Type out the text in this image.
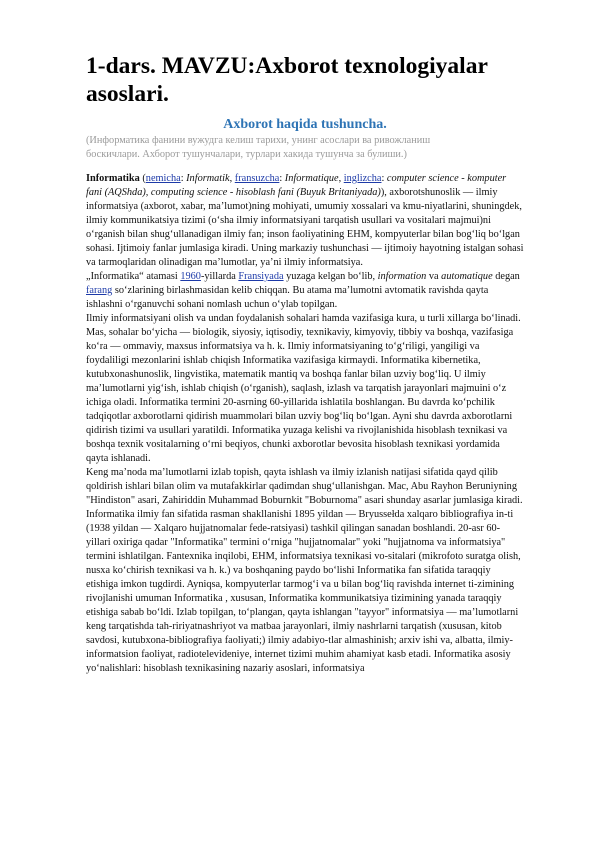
1-dars. MAVZU:Axborot texnologiyalar asoslari.
Axborot haqida tushuncha.
(Информатика фанини вужудга келиш тарихи, унинг асослари ва ривожланиш
боскичлари. Ахборот тушунчалари, турлари хакида тушунча за булиши.)

Informatika (nemicha: Informatik, fransuzcha: Informatique, inglizcha: computer science - komputer fani (AQShda), computing science - hisoblash fani (Buyuk Britaniyada)), axborotshunoslik — ilmiy informatsiya (axborot, xabar, ma’lumot)ning mohiyati, umumiy xossalari va kmu-niyatlarini, shuningdek, ilmiy kommunikatsiya tizimi (o‘sha ilmiy informatsiyani tarqatish usullari va vositalari majmui)ni o‘rganish bilan shug‘ullanadigan ilmiy fan; inson faoliyatining EHM, kompyuterlar bilan bog‘liq bo‘lgan sohasi. Ijtimoiy fanlar jumlasiga kiradi. Uning markaziy tushunchasi — ijtimoiy hayotning istalgan sohasi va tarmoqlaridan olinadigan ma’lumotlar, ya’ni ilmiy informatsiya.

„Informatika“ atamasi 1960-yillarda Fransiyada yuzaga kelgan bo‘lib, information va automatique degan farang so‘zlarining birlashmasidan kelib chiqqan. Bu atama ma’lumotni avtomatik ravishda qayta ishlashni o‘rganuvchi sohani nomlash uchun o‘ylab topilgan.

Ilmiy informatsiyani olish va undan foydalanish sohalari hamda vazifasiga kura, u turli xillarga bo‘linadi. Mas, sohalar bo‘yicha — biologik, siyosiy, iqtisodiy, texnikaviy, kimyoviy, tibbiy va boshqa, vazifasiga ko‘ra — ommaviy, maxsus informatsiya va h. k. Ilmiy informatsiyaning to‘g‘riligi, yangiligi va foydaliligi mezonlarini ishlab chiqish Informatika vazifasiga kirmaydi. Informatika kibernetika, kutubxonashunoslik, lingvistika, matematik mantiq va boshqa fanlar bilan uzviy bog‘liq. U ilmiy ma’lumotlarni yig‘ish, ishlab chiqish (o‘rganish), saqlash, izlash va tarqatish jarayonlari majmuini o‘z ichiga oladi. Informatika termini 20-asrning 60-yillarida ishlatila boshlangan. Bu davrda ko‘pchilik tadqiqotlar axborotlarni qidirish muammolari bilan uzviy bog‘liq bo‘lgan. Ayni shu davrda axborotlarni qidirish tizimi va usullari yaratildi. Informatika yuzaga kelishi va rivojlanishida hisoblash texnikasi va boshqa texnik vositalarning o‘rni beqiyos, chunki axborotlar bevosita hisoblash texnikasi yordamida qayta ishlanadi.

Keng ma’noda ma’lumotlarni izlab topish, qayta ishlash va ilmiy izlanish natijasi sifatida qayd qilib qoldirish ishlari bilan olim va mutafakkirlar qadimdan shug‘ullanishgan. Mac, Abu Rayhon Beruniyning "Hindiston" asari, Zahiriddin Muhammad Boburnkit "Boburnoma" asari shunday asarlar jumlasiga kiradi. Informatika ilmiy fan sifatida rasman shakllanishi 1895 yildan — Bryussełda xalqaro bibliografiya in-ti (1938 yildan — Xalqaro hujjatnomalar fede-ratsiyasi) tashkil qilingan sanadan boshlandi. 20-asr 60-yillari oxiriga qadar "Informatika" termini o‘rniga "hujjatnomalar" yoki "hujjatnoma va informatsiya" termini ishlatilgan. Fantexnika inqilobi, EHM, informatsiya texnikasi vo-sitalari (mikrofoto suratga olish, nusxa ko‘chirish texnikasi va h. k.) va boshqaning paydo bo‘lishi Informatika fan sifatida taraqqiy etishiga imkon tugdirdi. Ayniqsa, kompyuterlar tarmog‘i va u bilan bog‘liq ravishda internet ti-zimining rivojlanishi umuman Informatika , xususan, Informatika kommunikatsiya tizimining yanada taraqqiy etishiga sabab bo‘ldi. Izlab topilgan, to‘plangan, qayta ishlangan "tayyor" informatsiya — ma’lumotlarni keng tarqatishda tah-ririyatnashriyot va matbaa jarayonlari, ilmiy nashrlarni tarqatish (xususan, kitob savdosi, kutubxona-bibliografiya faoliyati;) ilmiy adabiyo-tlar almashinish; arxiv ishi va, albatta, ilmiy-informatsion faoliyat, radiotelevideniye, internet tizimi muhim ahamiyat kasb etadi. Informatika asosiy yo‘nalishlari: hisoblash texnikasining nazariy asoslari, informatsiya
